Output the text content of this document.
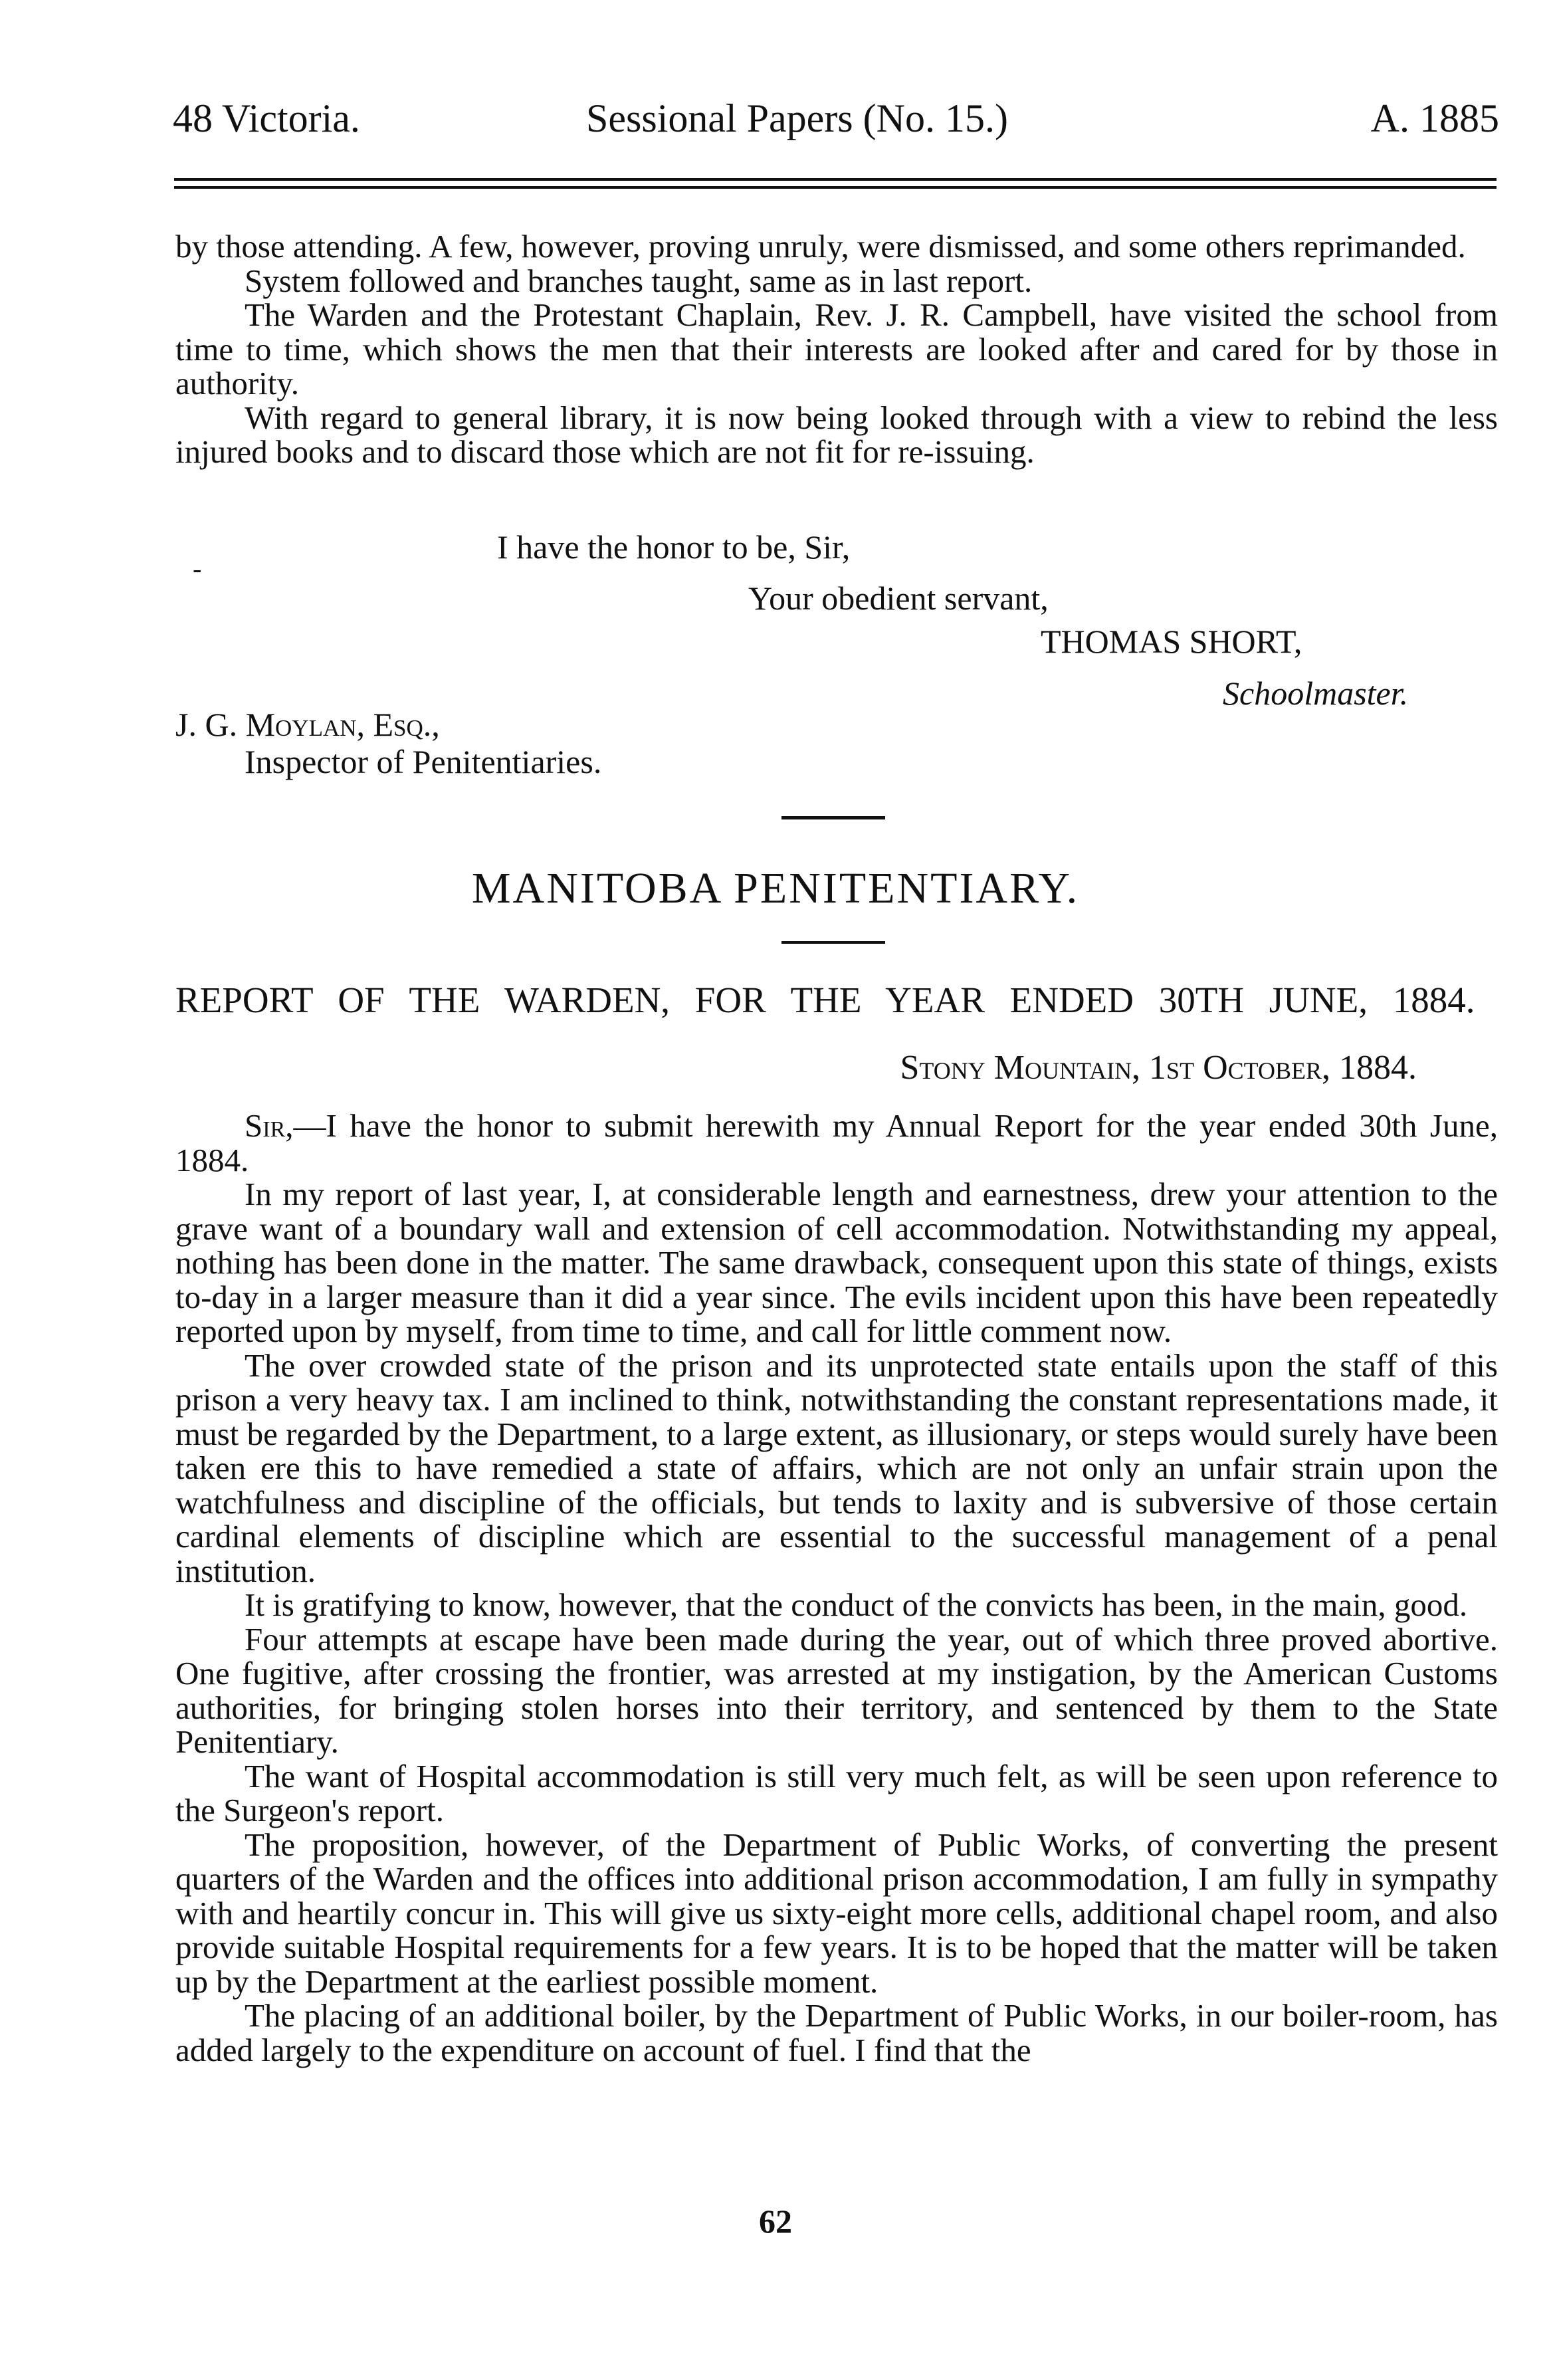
48 Victoria.	Sessional Papers (No. 15.)	A. 1885

by those attending. A few, however, proving unruly, were dismissed, and some others reprimanded.

System followed and branches taught, same as in last report.

The Warden and the Protestant Chaplain, Rev. J. R. Campbell, have visited the school from time to time, which shows the men that their interests are looked after and cared for by those in authority.

With regard to general library, it is now being looked through with a view to rebind the less injured books and to discard those which are not fit for re-issuing.

-
I have the honor to be, Sir,
Your obedient servant,
THOMAS SHORT,
Schoolmaster.
J. G. Moylan, Esq.,
Inspector of Penitentiaries.
MANITOBA PENITENTIARY.
REPORT OF THE WARDEN, FOR THE YEAR ENDED 30TH JUNE, 1884.
Stony Mountain, 1st October, 1884.

Sir,—I have the honor to submit herewith my Annual Report for the year ended 30th June, 1884.

In my report of last year, I, at considerable length and earnestness, drew your attention to the grave want of a boundary wall and extension of cell accommodation. Notwithstanding my appeal, nothing has been done in the matter. The same drawback, consequent upon this state of things, exists to-day in a larger measure than it did a year since. The evils incident upon this have been repeatedly reported upon by myself, from time to time, and call for little comment now.

The over crowded state of the prison and its unprotected state entails upon the staff of this prison a very heavy tax. I am inclined to think, notwithstanding the constant representations made, it must be regarded by the Department, to a large extent, as illusionary, or steps would surely have been taken ere this to have remedied a state of affairs, which are not only an unfair strain upon the watchfulness and discipline of the officials, but tends to laxity and is subversive of those certain cardinal elements of discipline which are essential to the successful management of a penal institution.

It is gratifying to know, however, that the conduct of the convicts has been, in the main, good.

Four attempts at escape have been made during the year, out of which three proved abortive. One fugitive, after crossing the frontier, was arrested at my instigation, by the American Customs authorities, for bringing stolen horses into their territory, and sentenced by them to the State Penitentiary.

The want of Hospital accommodation is still very much felt, as will be seen upon reference to the Surgeon's report.

The proposition, however, of the Department of Public Works, of converting the present quarters of the Warden and the offices into additional prison accommodation, I am fully in sympathy with and heartily concur in. This will give us sixty-eight more cells, additional chapel room, and also provide suitable Hospital requirements for a few years. It is to be hoped that the matter will be taken up by the Department at the earliest possible moment.

The placing of an additional boiler, by the Department of Public Works, in our boiler-room, has added largely to the expenditure on account of fuel. I find that the

62
